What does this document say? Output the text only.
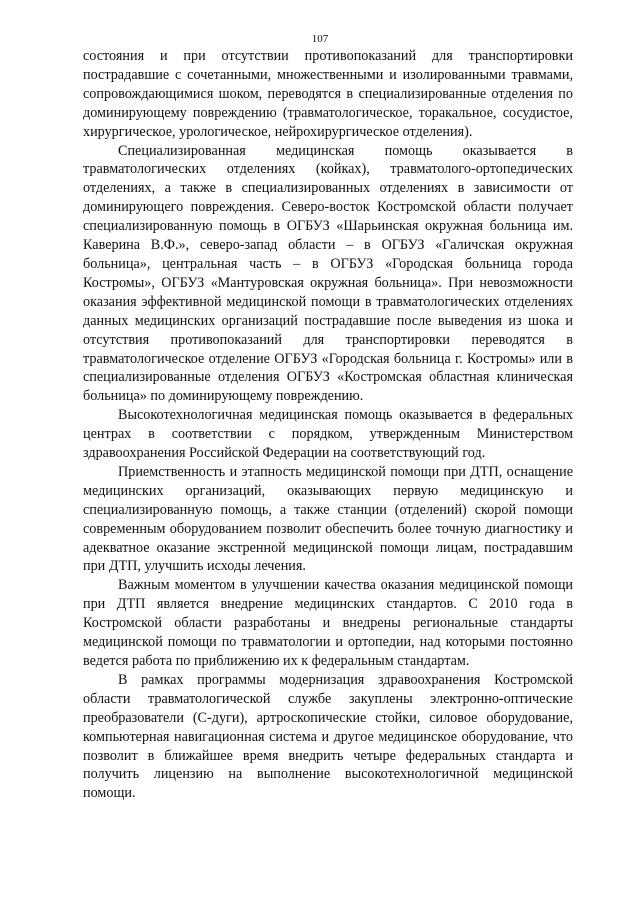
107

состояния и при отсутствии противопоказаний для транспортировки пострадавшие с сочетанными, множественными и изолированными травмами, сопровождающимися шоком, переводятся в специализированные отделения по доминирующему повреждению (травматологическое, торакальное, сосудистое, хирургическое, урологическое, нейрохирургическое отделения).

Специализированная медицинская помощь оказывается в травматологических отделениях (койках), травматолого-ортопедических отделениях, а также в специализированных отделениях в зависимости от доминирующего повреждения. Северо-восток Костромской области получает специализированную помощь в ОГБУЗ «Шарьинская окружная больница им. Каверина В.Ф.», северо-запад области – в ОГБУЗ «Галичская окружная больница», центральная часть – в ОГБУЗ «Городская больница города Костромы», ОГБУЗ «Мантуровская окружная больница». При невозможности оказания эффективной медицинской помощи в травматологических отделениях данных медицинских организаций пострадавшие после выведения из шока и отсутствия противопоказаний для транспортировки переводятся в травматологическое отделение ОГБУЗ «Городская больница г. Костромы» или в специализированные отделения ОГБУЗ «Костромская областная клиническая больница» по доминирующему повреждению.

Высокотехнологичная медицинская помощь оказывается в федеральных центрах в соответствии с порядком, утвержденным Министерством здравоохранения Российской Федерации на соответствующий год.

Приемственность и этапность медицинской помощи при ДТП, оснащение медицинских организаций, оказывающих первую медицинскую и специализированную помощь, а также станции (отделений) скорой помощи современным оборудованием позволит обеспечить более точную диагностику и адекватное оказание экстренной медицинской помощи лицам, пострадавшим при ДТП, улучшить исходы лечения.

Важным моментом в улучшении качества оказания медицинской помощи при ДТП является внедрение медицинских стандартов. С 2010 года в Костромской области разработаны и внедрены региональные стандарты медицинской помощи по травматологии и ортопедии, над которыми постоянно ведется работа по приближению их к федеральным стандартам.

В рамках программы модернизация здравоохранения Костромской области травматологической службе закуплены электронно-оптические преобразователи (С-дуги), артроскопические стойки, силовое оборудование, компьютерная навигационная система и другое медицинское оборудование, что позволит в ближайшее время внедрить четыре федеральных стандарта и получить лицензию на выполнение высокотехнологичной медицинской помощи.
